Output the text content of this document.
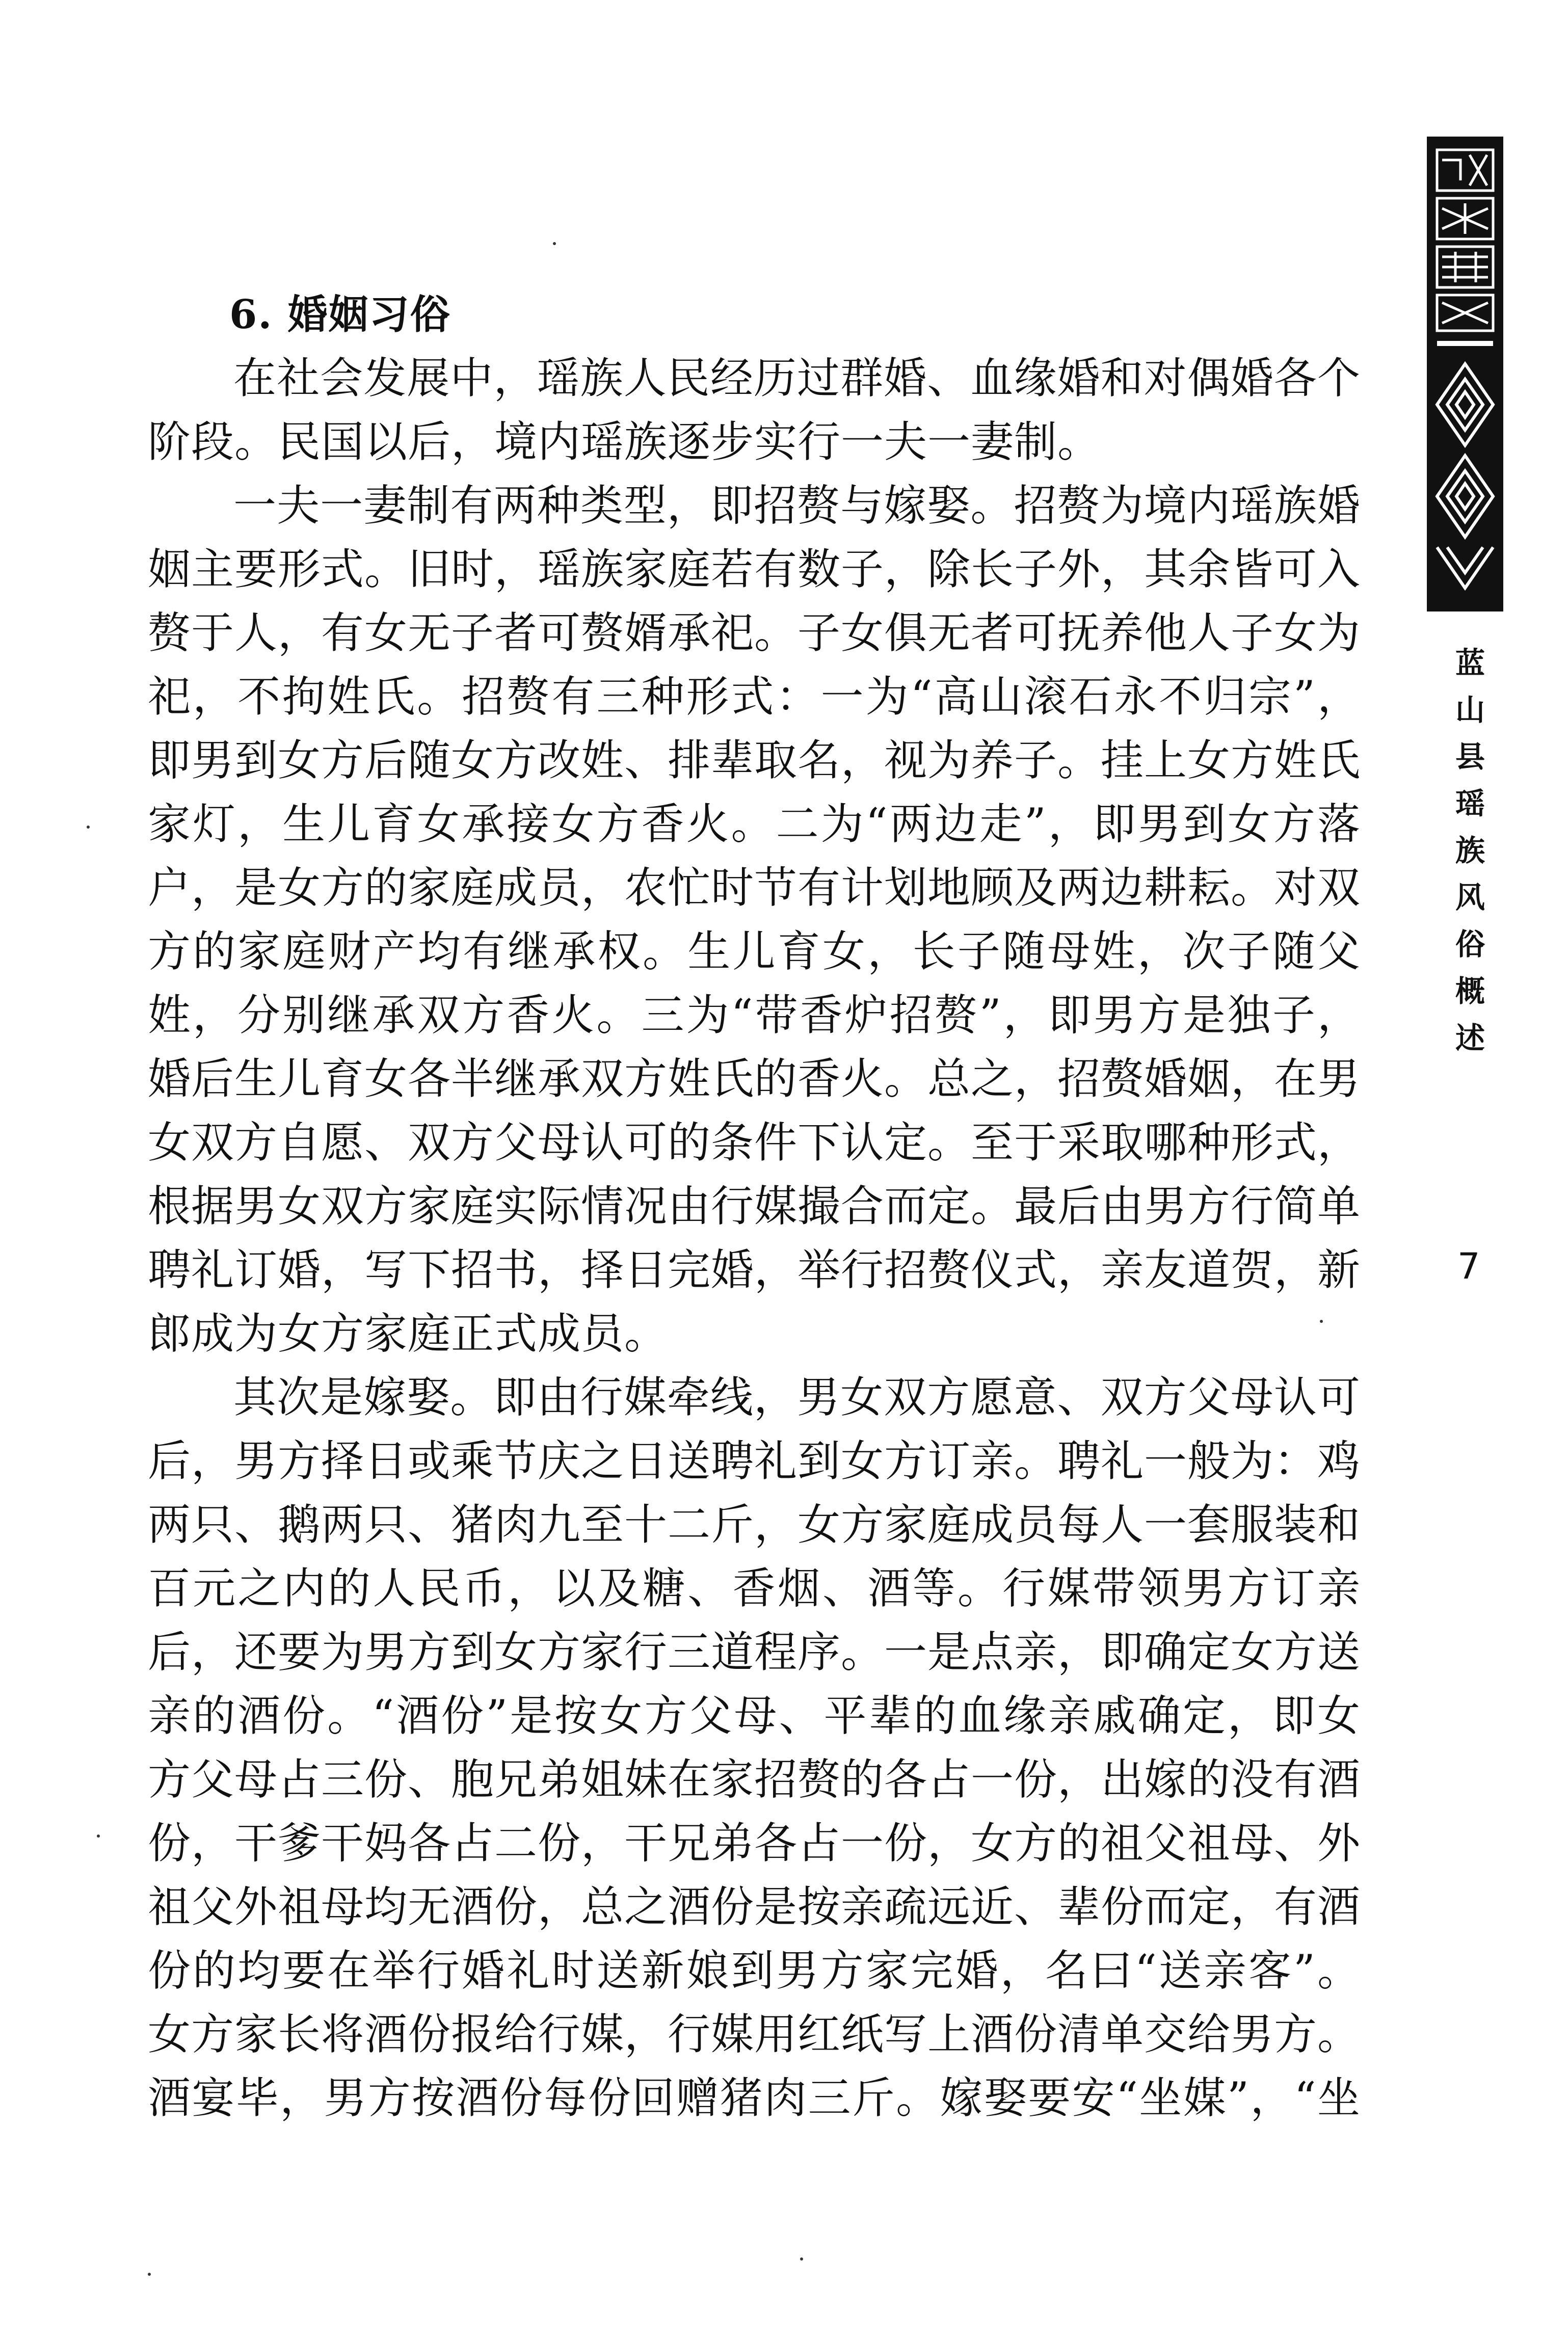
蓝
山
县
瑶
族
风
俗
概
述
7
6. 婚姻习俗
在社会发展中，瑶族人民经历过群婚、血缘婚和对偶婚各个
阶段。民国以后，境内瑶族逐步实行一夫一妻制。
一夫一妻制有两种类型，即招赘与嫁娶。招赘为境内瑶族婚
姻主要形式。旧时，瑶族家庭若有数子，除长子外，其余皆可入
赘于人，有女无子者可赘婿承祀。子女俱无者可抚养他人子女为
祀，不拘姓氏。招赘有三种形式：一为“高山滚石永不归宗”，
即男到女方后随女方改姓、排辈取名，视为养子。挂上女方姓氏
家灯，生儿育女承接女方香火。二为“两边走”，即男到女方落
户，是女方的家庭成员，农忙时节有计划地顾及两边耕耘。对双
方的家庭财产均有继承权。生儿育女，长子随母姓，次子随父
姓，分别继承双方香火。三为“带香炉招赘”，即男方是独子，
婚后生儿育女各半继承双方姓氏的香火。总之，招赘婚姻，在男
女双方自愿、双方父母认可的条件下认定。至于采取哪种形式，
根据男女双方家庭实际情况由行媒撮合而定。最后由男方行简单
聘礼订婚，写下招书，择日完婚，举行招赘仪式，亲友道贺，新
郎成为女方家庭正式成员。
其次是嫁娶。即由行媒牵线，男女双方愿意、双方父母认可
后，男方择日或乘节庆之日送聘礼到女方订亲。聘礼一般为：鸡
两只、鹅两只、猪肉九至十二斤，女方家庭成员每人一套服装和
百元之内的人民币，以及糖、香烟、酒等。行媒带领男方订亲
后，还要为男方到女方家行三道程序。一是点亲，即确定女方送
亲的酒份。“酒份”是按女方父母、平辈的血缘亲戚确定，即女
方父母占三份、胞兄弟姐妹在家招赘的各占一份，出嫁的没有酒
份，干爹干妈各占二份，干兄弟各占一份，女方的祖父祖母、外
祖父外祖母均无酒份，总之酒份是按亲疏远近、辈份而定，有酒
份的均要在举行婚礼时送新娘到男方家完婚，名曰“送亲客”。
女方家长将酒份报给行媒，行媒用红纸写上酒份清单交给男方。
酒宴毕，男方按酒份每份回赠猪肉三斤。嫁娶要安“坐媒”，“坐
